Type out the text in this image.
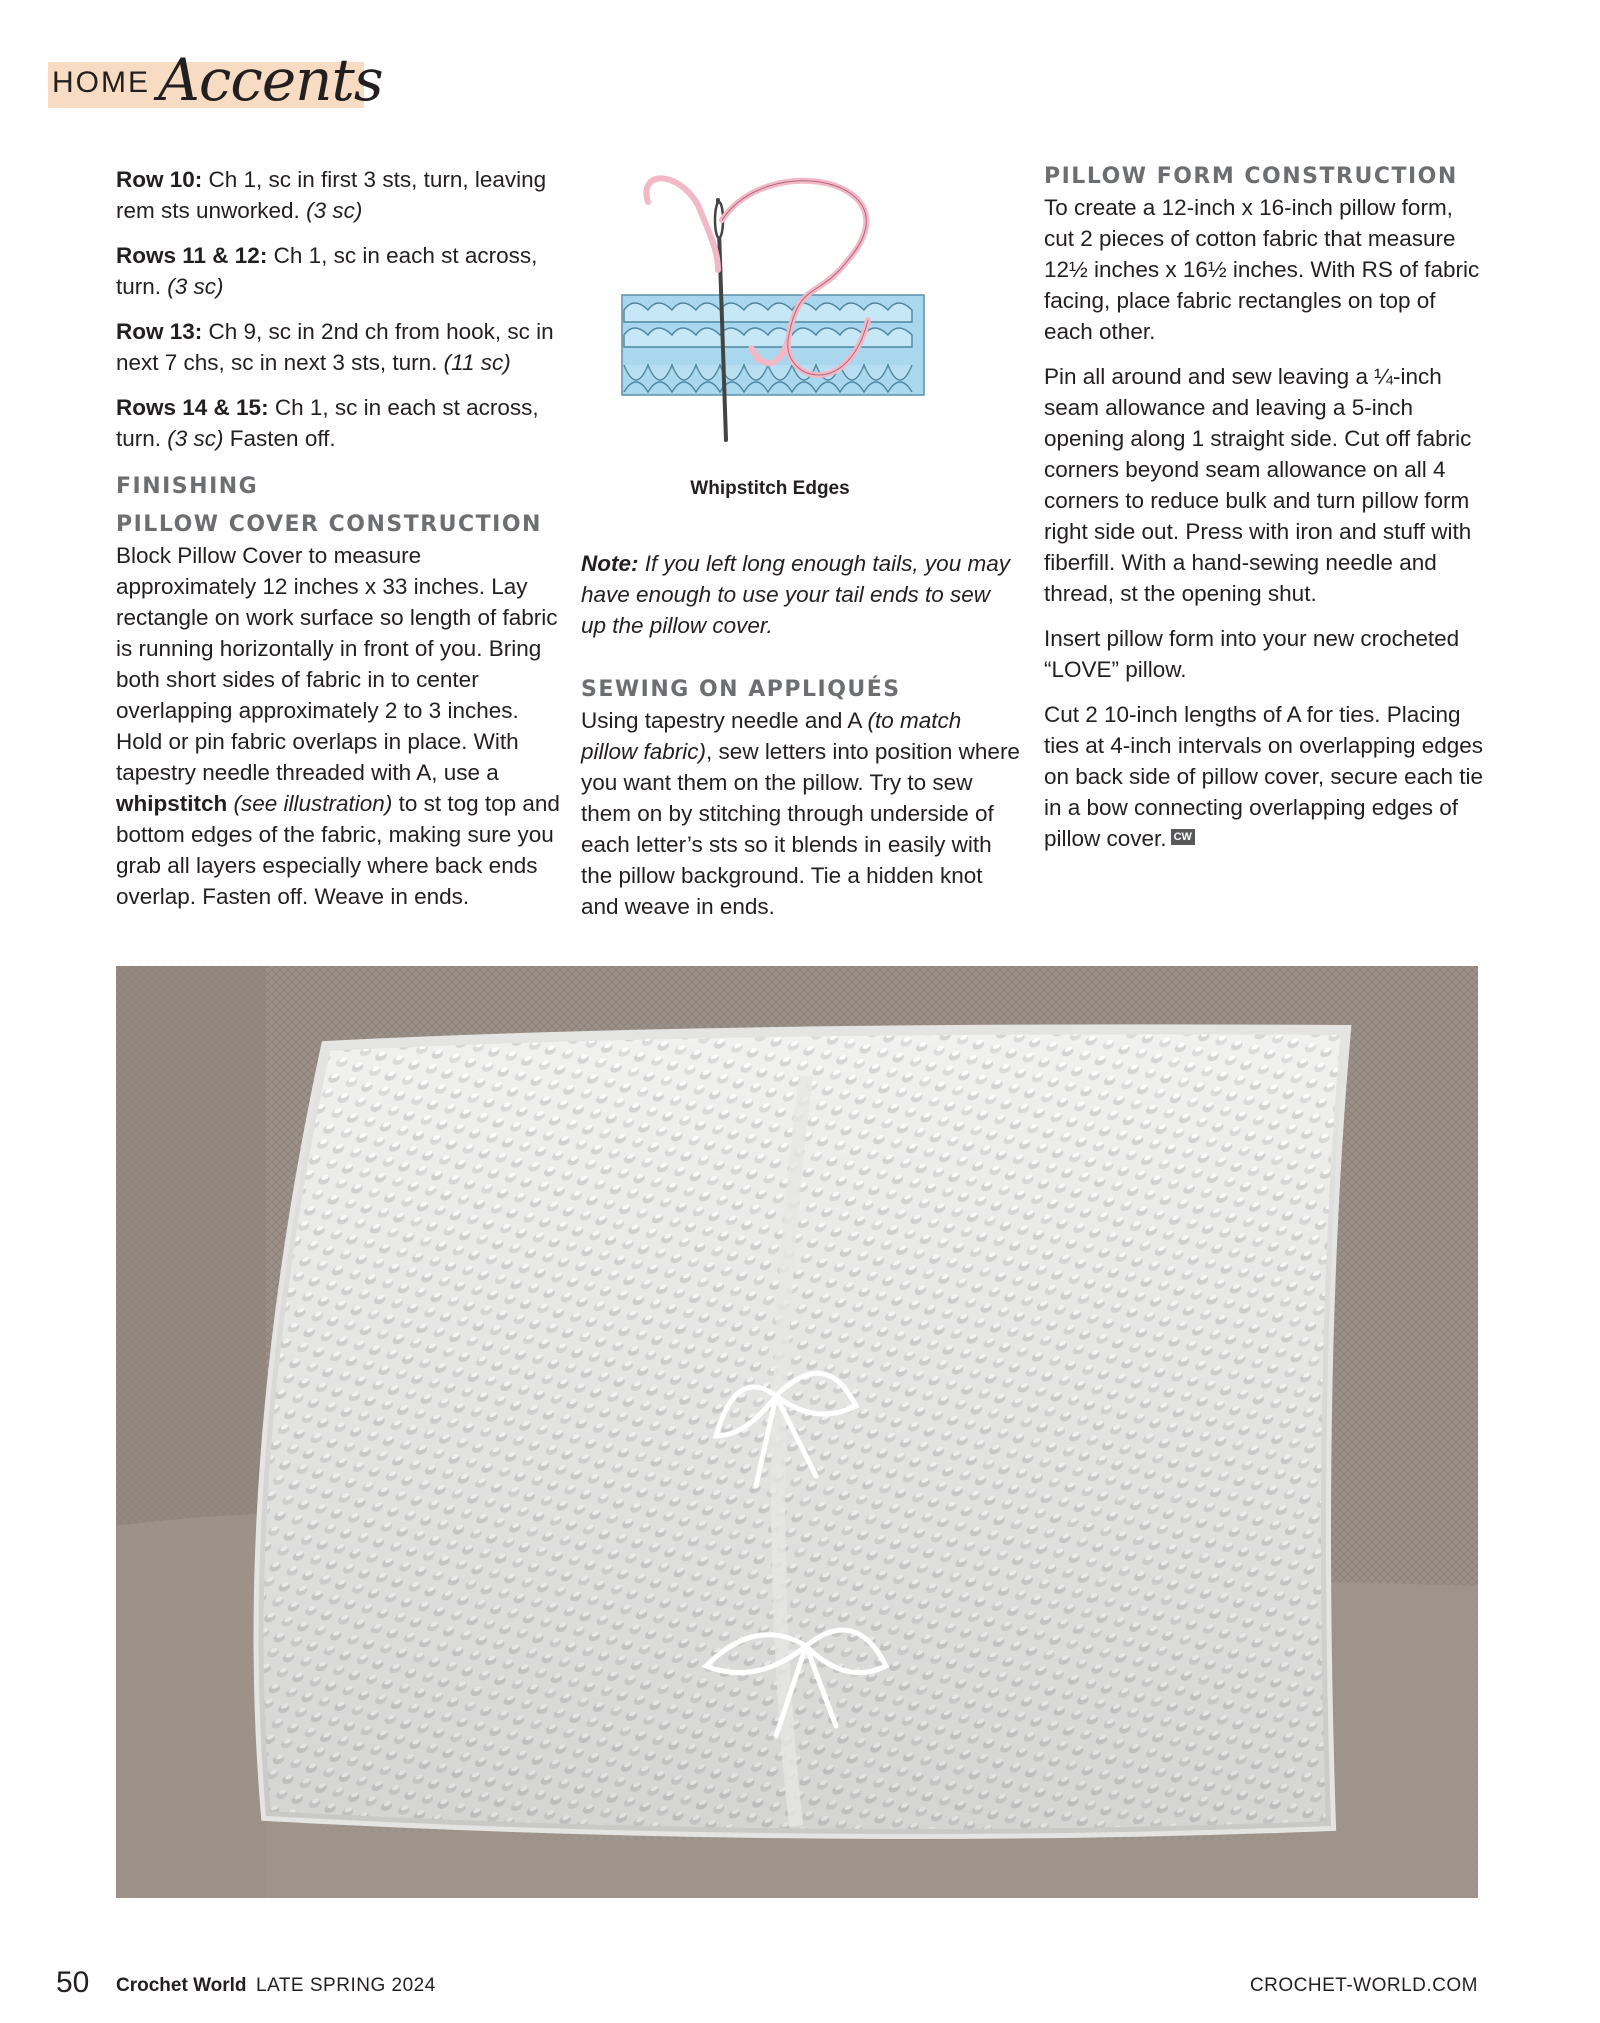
HOME Accents

Row 10: Ch 1, sc in first 3 sts, turn, leaving rem sts unworked. (3 sc)

Rows 11 & 12: Ch 1, sc in each st across, turn. (3 sc)

Row 13: Ch 9, sc in 2nd ch from hook, sc in next 7 chs, sc in next 3 sts, turn. (11 sc)

Rows 14 & 15: Ch 1, sc in each st across, turn. (3 sc) Fasten off.

FINISHING
PILLOW COVER CONSTRUCTION

Block Pillow Cover to measure approximately 12 inches x 33 inches. Lay rectangle on work surface so length of fabric is running horizontally in front of you. Bring both short sides of fabric in to center overlapping approximately 2 to 3 inches. Hold or pin fabric overlaps in place. With tapestry needle threaded with A, use a whipstitch (see illustration) to st tog top and bottom edges of the fabric, making sure you grab all layers especially where back ends overlap. Fasten off. Weave in ends.

Whipstitch Edges

Note: If you left long enough tails, you may have enough to use your tail ends to sew up the pillow cover.

SEWING ON APPLIQUÉS

Using tapestry needle and A (to match pillow fabric), sew letters into position where you want them on the pillow. Try to sew them on by stitching through underside of each letter’s sts so it blends in easily with the pillow background. Tie a hidden knot and weave in ends.

PILLOW FORM CONSTRUCTION

To create a 12-inch x 16-inch pillow form, cut 2 pieces of cotton fabric that measure 12½ inches x 16½ inches. With RS of fabric facing, place fabric rectangles on top of each other.

Pin all around and sew leaving a ¼-inch seam allowance and leaving a 5-inch opening along 1 straight side. Cut off fabric corners beyond seam allowance on all 4 corners to reduce bulk and turn pillow form right side out. Press with iron and stuff with fiberfill. With a hand-sewing needle and thread, st the opening shut.

Insert pillow form into your new crocheted “LOVE” pillow.

Cut 2 10-inch lengths of A for ties. Placing ties at 4-inch intervals on overlapping edges on back side of pillow cover, secure each tie in a bow connecting overlapping edges of pillow cover. CW

50 Crochet World LATE SPRING 2024	CROCHET-WORLD.COM
